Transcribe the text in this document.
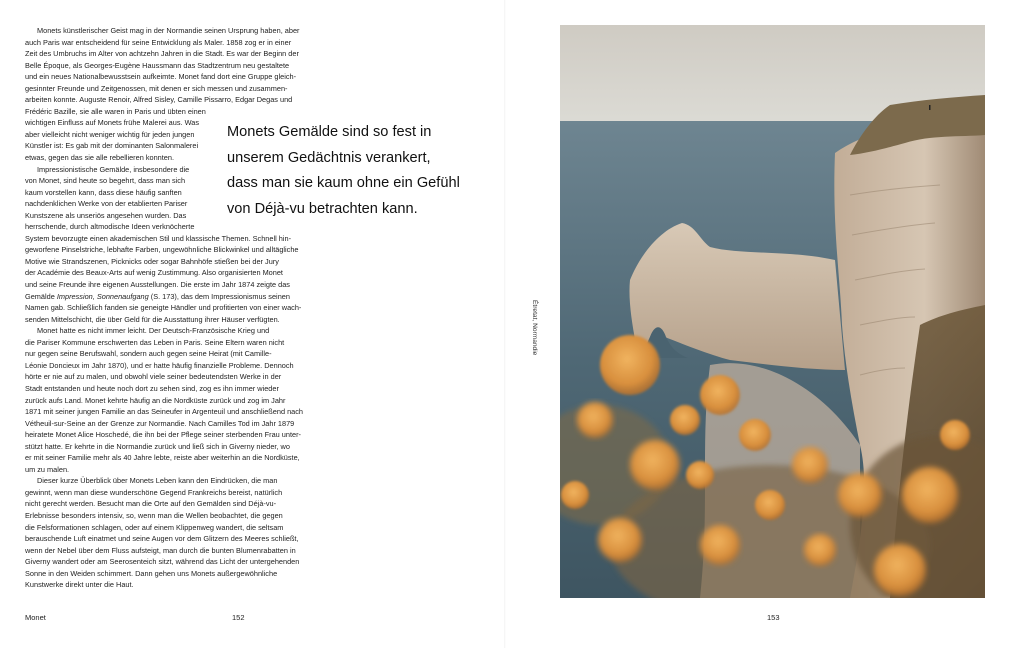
Monets künstlerischer Geist mag in der Normandie seinen Ursprung haben, aber
auch Paris war entscheidend für seine Entwicklung als Maler. 1858 zog er in einer
Zeit des Umbruchs im Alter von achtzehn Jahren in die Stadt. Es war der Beginn der
Belle Époque, als Georges-Eugène Haussmann das Stadtzentrum neu gestaltete
und ein neues Nationalbewusstsein aufkeimte. Monet fand dort eine Gruppe gleich-
gesinnter Freunde und Zeitgenossen, mit denen er sich messen und zusammen-
arbeiten konnte. Auguste Renoir, Alfred Sisley, Camille Pissarro, Edgar Degas und
Frédéric Bazille, sie alle waren in Paris und übten einen
wichtigen Einfluss auf Monets frühe Malerei aus. Was
aber vielleicht nicht weniger wichtig für jeden jungen
Künstler ist: Es gab mit der dominanten Salonmalerei
etwas, gegen das sie alle rebellieren konnten.
Impressionistische Gemälde, insbesondere die
von Monet, sind heute so begehrt, dass man sich
kaum vorstellen kann, dass diese häufig sanften
nachdenklichen Werke von der etablierten Pariser
Kunstszene als unseriös angesehen wurden. Das
herrschende, durch altmodische Ideen verknöcherte
System bevorzugte einen akademischen Stil und klassische Themen. Schnell hin-
geworfene Pinselstriche, lebhafte Farben, ungewöhnliche Blickwinkel und alltägliche
Motive wie Strandszenen, Picknicks oder sogar Bahnhöfe stießen bei der Jury
der Académie des Beaux-Arts auf wenig Zustimmung. Also organisierten Monet
und seine Freunde ihre eigenen Ausstellungen. Die erste im Jahr 1874 zeigte das
Gemälde Impression, Sonnenaufgang (S. 173), das dem Impressionismus seinen
Namen gab. Schließlich fanden sie geneigte Händler und profitierten von einer wach-
senden Mittelschicht, die über Geld für die Ausstattung ihrer Häuser verfügten.
Monet hatte es nicht immer leicht. Der Deutsch-Französische Krieg und
die Pariser Kommune erschwerten das Leben in Paris. Seine Eltern waren nicht
nur gegen seine Berufswahl, sondern auch gegen seine Heirat (mit Camille-
Léonie Doncieux im Jahr 1870), und er hatte häufig finanzielle Probleme. Dennoch
hörte er nie auf zu malen, und obwohl viele seiner bedeutendsten Werke in der
Stadt entstanden und heute noch dort zu sehen sind, zog es ihn immer wieder
zurück aufs Land. Monet kehrte häufig an die Nordküste zurück und zog im Jahr
1871 mit seiner jungen Familie an das Seineufer in Argenteuil und anschließend nach
Vétheuil-sur-Seine an der Grenze zur Normandie. Nach Camilles Tod im Jahr 1879
heiratete Monet Alice Hoschedé, die ihn bei der Pflege seiner sterbenden Frau unter-
stützt hatte. Er kehrte in die Normandie zurück und ließ sich in Giverny nieder, wo
er mit seiner Familie mehr als 40 Jahre lebte, reiste aber weiterhin an die Nordküste,
um zu malen.
Dieser kurze Überblick über Monets Leben kann den Eindrücken, die man
gewinnt, wenn man diese wunderschöne Gegend Frankreichs bereist, natürlich
nicht gerecht werden. Besucht man die Orte auf den Gemälden sind Déjà-vu-
Erlebnisse besonders intensiv, so, wenn man die Wellen beobachtet, die gegen
die Felsformationen schlagen, oder auf einem Klippenweg wandert, die seltsam
berauschende Luft einatmet und seine Augen vor dem Glitzern des Meeres schließt,
wenn der Nebel über dem Fluss aufsteigt, man durch die bunten Blumenrabatten in
Giverny wandert oder am Seerosenteich sitzt, während das Licht der untergehenden
Sonne in den Weiden schimmert. Dann gehen uns Monets außergewöhnliche
Kunstwerke direkt unter die Haut.
Monets Gemälde sind so fest in
unserem Gedächtnis verankert,
dass man sie kaum ohne ein Gefühl
von Déjà-vu betrachten kann.
Monet	152
Étretat, Normandie
153
